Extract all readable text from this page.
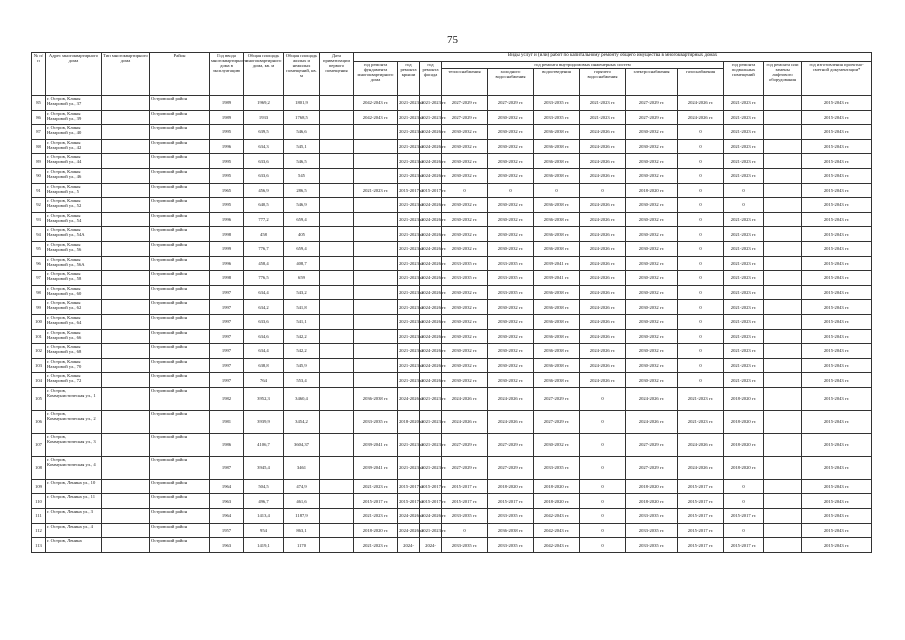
75
№ п/п	Адрес многоквартирного дома	Тип многоквартирного дома	Район	Год ввода многоквартирного дома в эксплуатацию	Общая площадь многоквартирного дома, кв. м	Общая площадь жилых и нежилых помещений, кв. м	Дата приватизации первого помещения	Виды услуг и (или) работ по капитальному ремонту общего имущества в многоквартирных домах											
								год ремонта фундамента многоквартирного дома	год ремонта крыши	год ремонта фасада	год ремонта внутридомовых инженерных систем						год ремонта подвальных помещений	год ремонта или замены лифтового оборудования	год изготовления проектно-сметной документации*
											теплоснабжения	холодного водоснабжения	водоотведения	горячего водоснабжения	электроснабжения	газоснабжения			
85	г. Остров, Клины Назаровой ул., 37		Островский район	1989	1969,2	1801,9		2042-2043 гг.	2021-2023 гг.	2021-2023 гг.	2027-2029 гг.	2027-2029 гг.	2033-2035 гг.	2021-2023 гг.	2027-2029 гг.	2024-2026 гг.	2021-2023 гг.		2015-2043 гг.
86	г. Остров, Клины Назаровой ул., 39		Островский район	1989	1933	1768,5		2042-2043 гг.	2021-2023 гг.	2021-2023 гг.	2027-2029 гг.	2030-2032 гг.	2033-2035 гг.	2021-2023 гг.	2027-2029 гг.	2024-2026 гг.	2021-2023 гг.		2015-2043 гг.
87	г. Остров, Клины Назаровой ул., 40		Островский район	1995	639,5	546,6			2021-2023 гг.	2024-2026 гг.	2030-2032 гг.	2030-2032 гг.	2036-2038 гг.	2024-2026 гг.	2030-2032 гг.	0	2021-2023 гг.		2015-2043 гг.
88	г. Остров, Клины Назаровой ул., 42		Островский район	1996	634,3	545,1			2021-2023 гг.	2024-2026 гг.	2030-2032 гг.	2030-2032 гг.	2036-2038 гг.	2024-2026 гг.	2030-2032 гг.	0	2021-2023 гг.		2015-2043 гг.
89	г. Остров, Клины Назаровой ул., 44		Островский район	1995	633,6	546,5			2021-2023 гг.	2024-2026 гг.	2030-2032 гг.	2030-2032 гг.	2036-2038 гг.	2024-2026 гг.	2030-2032 гг.	0	2021-2023 гг.		2015-2043 гг.
90	г. Остров, Клины Назаровой ул., 46		Островский район	1995	633,6	545			2021-2023 гг.	2024-2026 гг.	2030-2032 гг.	2030-2032 гг.	2036-2038 гг.	2024-2026 гг.	2030-2032 гг.	0	2021-2023 гг.		2015-2043 гг.
91	г. Остров, Клины Назаровой ул., 5		Островский район	1965	456,9	286,5		2021-2023 гг.	2015-2017 гг.	2015-2017 гг.	0	0	0	0	2018-2020 гг.	0	0		2015-2043 гг.
92	г. Остров, Клины Назаровой ул., 52		Островский район	1995	640,5	546,9			2021-2023 гг.	2024-2026 гг.	2030-2032 гг.	2030-2032 гг.	2036-2038 гг.	2024-2026 гг.	2030-2032 гг.	0	0		2015-2043 гг.
93	г. Остров, Клины Назаровой ул., 54		Островский район	1996	777,2	659,4			2021-2023 гг.	2024-2026 гг.	2030-2032 гг.	2030-2032 гг.	2036-2038 гг.	2024-2026 гг.	2030-2032 гг.	0	2021-2023 гг.		2015-2043 гг.
94	г. Остров, Клины Назаровой ул., 54А		Островский район	1998	458	405			2021-2023 гг.	2024-2026 гг.	2030-2032 гг.	2030-2032 гг.	2036-2038 гг.	2024-2026 гг.	2030-2032 гг.	0	2021-2023 гг.		2015-2043 гг.
95	г. Остров, Клины Назаровой ул., 56		Островский район	1999	776,7	659,4			2021-2023 гг.	2024-2026 гг.	2030-2032 гг.	2030-2032 гг.	2036-2038 гг.	2024-2026 гг.	2030-2032 гг.	0	2021-2023 гг.		2015-2043 гг.
96	г. Остров, Клины Назаровой ул., 56А		Островский район	1996	458,4	408,7			2021-2023 гг.	2024-2026 гг.	2033-2035 гг.	2033-2035 гг.	2039-2041 гг.	2024-2026 гг.	2030-2032 гг.	0	2021-2023 гг.		2015-2043 гг.
97	г. Остров, Клины Назаровой ул., 58		Островский район	1998	776,5	659			2021-2023 гг.	2024-2026 гг.	2033-2035 гг.	2033-2035 гг.	2039-2041 гг.	2024-2026 гг.	2030-2032 гг.	0	2021-2023 гг.		2015-2043 гг.
98	г. Остров, Клины Назаровой ул., 60		Островский район	1997	634,4	543,2			2021-2023 гг.	2024-2026 гг.	2030-2032 гг.	2033-2035 гг.	2036-2038 гг.	2024-2026 гг.	2030-2032 гг.	0	2021-2023 гг.		2015-2043 гг.
99	г. Остров, Клины Назаровой ул., 62		Островский район	1997	634,2	541,8			2021-2023 гг.	2024-2026 гг.	2030-2032 гг.	2030-2032 гг.	2036-2038 гг.	2024-2026 гг.	2030-2032 гг.	0	2021-2023 гг.		2015-2043 гг.
100	г. Остров, Клины Назаровой ул., 64		Островский район	1997	633,6	541,1			2021-2023 гг.	2024-2026 гг.	2030-2032 гг.	2030-2032 гг.	2036-2038 гг.	2024-2026 гг.	2030-2032 гг.	0	2021-2023 гг.		2015-2043 гг.
101	г. Остров, Клины Назаровой ул., 66		Островский район	1997	634,6	542,2			2021-2023 гг.	2024-2026 гг.	2030-2032 гг.	2030-2032 гг.	2036-2038 гг.	2024-2026 гг.	2030-2032 гг.	0	2021-2023 гг.		2015-2043 гг.
102	г. Остров, Клины Назаровой ул., 68		Островский район	1997	634,4	542,2			2021-2023 гг.	2024-2026 гг.	2030-2032 гг.	2030-2032 гг.	2036-2038 гг.	2024-2026 гг.	2030-2032 гг.	0	2021-2023 гг.		2015-2043 гг.
103	г. Остров, Клины Назаровой ул., 70		Островский район	1997	638,8	545,9			2021-2023 гг.	2024-2026 гг.	2030-2032 гг.	2030-2032 гг.	2036-2038 гг.	2024-2026 гг.	2030-2032 гг.	0	2021-2023 гг.		2015-2043 гг.
104	г. Остров, Клины Назаровой ул., 72		Островский район	1997	764	553,4			2021-2023 гг.	2024-2026 гг.	2030-2032 гг.	2030-2032 гг.	2036-2038 гг.	2024-2026 гг.	2030-2032 гг.	0	2021-2023 гг.		2015-2043 гг.
105	г. Остров, Коммунистическая ул., 1		Островский район	1982	3952,3	3460,4		2036-2038 гг.	2024-2026 гг.	2021-2023 гг.	2024-2026 гг.	2024-2026 гг.	2027-2029 гг.	0	2024-2026 гг.	2021-2023 гг.	2018-2020 гг.		2015-2043 гг.
106	г. Остров, Коммунистическая ул., 2		Островский район	1981	3939,9	3454,2		2033-2035 гг.	2018-2020 гг.	2021-2023 гг.	2024-2026 гг.	2024-2026 гг.	2027-2029 гг.	0	2024-2026 гг.	2021-2023 гг.	2018-2020 гг.		2015-2043 гг.
107	г. Остров, Коммунистическая ул., 3		Островский район	1986	4106,7	3604,37		2039-2041 гг.	2021-2023 гг.	2021-2023 гг.	2027-2029 гг.	2027-2029 гг.	2030-2032 гг.	0	2027-2029 гг.	2024-2026 гг.	2018-2020 гг.		2015-2043 гг.
108	г. Остров, Коммунистическая ул., 4		Островский район	1987	3945,4	3461		2039-2041 гг.	2021-2023 гг.	2021-2023 гг.	2027-2029 гг.	2027-2029 гг.	2033-2035 гг.	0	2027-2029 гг.	2024-2026 гг.	2018-2020 гг.		2015-2043 гг.
109	г. Остров, Ленина ул., 10		Островский район	1964	504,5	474,9		2021-2023 гг.	2015-2017 гг.	2015-2017 гг.	2015-2017 гг.	2018-2020 гг.	2018-2020 гг.	0	2018-2020 гг.	2015-2017 гг.	0		2015-2043 гг.
110	г. Остров, Ленина ул., 11		Островский район	1963	496,7	461,6		2015-2017 гг.	2015-2017 гг.	2015-2017 гг.	2015-2017 гг.	2015-2017 гг.	2018-2020 гг.	0	2018-2020 гг.	2015-2017 гг.	0		2015-2043 гг.
111	г. Остров, Ленина ул., 3		Островский район	1964	1413,4	1187,9		2021-2023 гг.	2024-2026 гг.	2024-2026 гг.	2033-2035 гг.	2033-2035 гг.	2042-2043 гг.	0	2033-2035 гг.	2015-2017 гг.	2015-2017 гг.		2015-2043 гг.
112	г. Остров, Ленина ул., 4		Островский район	1957	954	863,1		2018-2020 гг.	2024-2026 гг.	2021-2023 гг.	0	2036-2038 гг.	2042-2043 гг.	0	2033-2035 гг.	2015-2017 гг.	0		2015-2043 гг.
113	г. Остров, Ленина		Островский район	1963	1419,1	1170		2021-2023 гг.	2024-	2024-	2033-2035 гг.	2033-2035 гг.	2042-2043 гг.	0	2033-2035 гг.	2015-2017 гг.	2015-2017 гг.		2015-2043 гг.
